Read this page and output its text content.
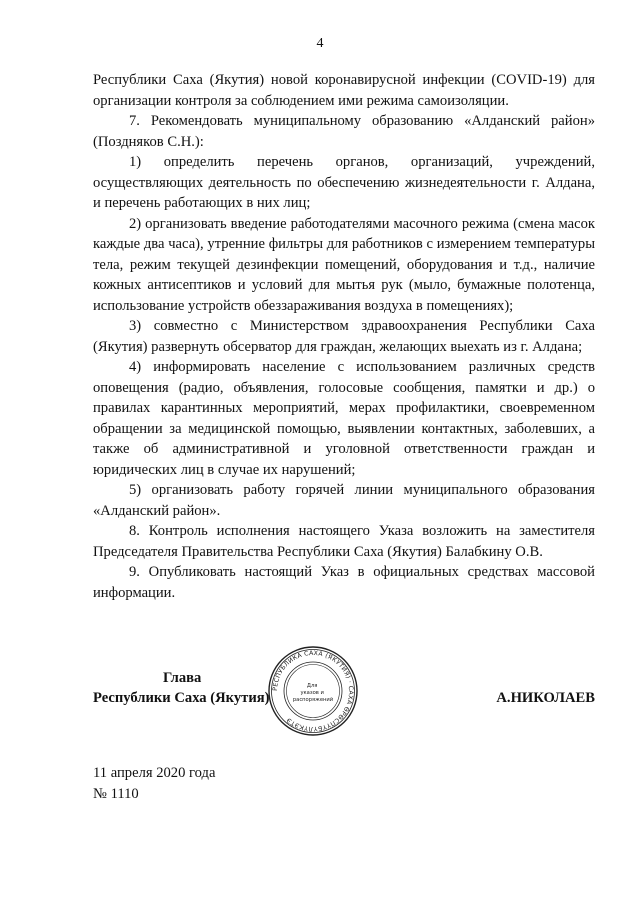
4

Республики Саха (Якутия) новой коронавирусной инфекции (COVID-19) для организации контроля за соблюдением ими режима самоизоляции.

7. Рекомендовать муниципальному образованию «Алданский район» (Поздняков С.Н.):

1) определить перечень органов, организаций, учреждений, осуществляющих деятельность по обеспечению жизнедеятельности г. Алдана, и перечень работающих в них лиц;

2) организовать введение работодателями масочного режима (смена масок каждые два часа), утренние фильтры для работников с измерением температуры тела, режим текущей дезинфекции помещений, оборудования и т.д., наличие кожных антисептиков и условий для мытья рук (мыло, бумажные полотенца, использование устройств обеззараживания воздуха в помещениях);

3) совместно с Министерством здравоохранения Республики Саха (Якутия) развернуть обсерватор для граждан, желающих выехать из г. Алдана;

4) информировать население с использованием различных средств оповещения (радио, объявления, голосовые сообщения, памятки и др.) о правилах карантинных мероприятий, мерах профилактики, своевременном обращении за медицинской помощью, выявлении контактных, заболевших, а также об административной и уголовной ответственности граждан и юридических лиц в случае их нарушений;

5) организовать работу горячей линии муниципального образования «Алданский район».

8. Контроль исполнения настоящего Указа возложить на заместителя Председателя Правительства Республики Саха (Якутия) Балабкину О.В.

9. Опубликовать настоящий Указ в официальных средствах массовой информации.

Глава
Республики Саха (Якутия)	А.НИКОЛАЕВ
РЕСПУБЛИКА САХА (ЯКУТИЯ) · САХА ӨРӨСПҮҮБҮЛҮКЭТЭ
Для указов и распоряжений
11 апреля 2020 года
№ 1110
